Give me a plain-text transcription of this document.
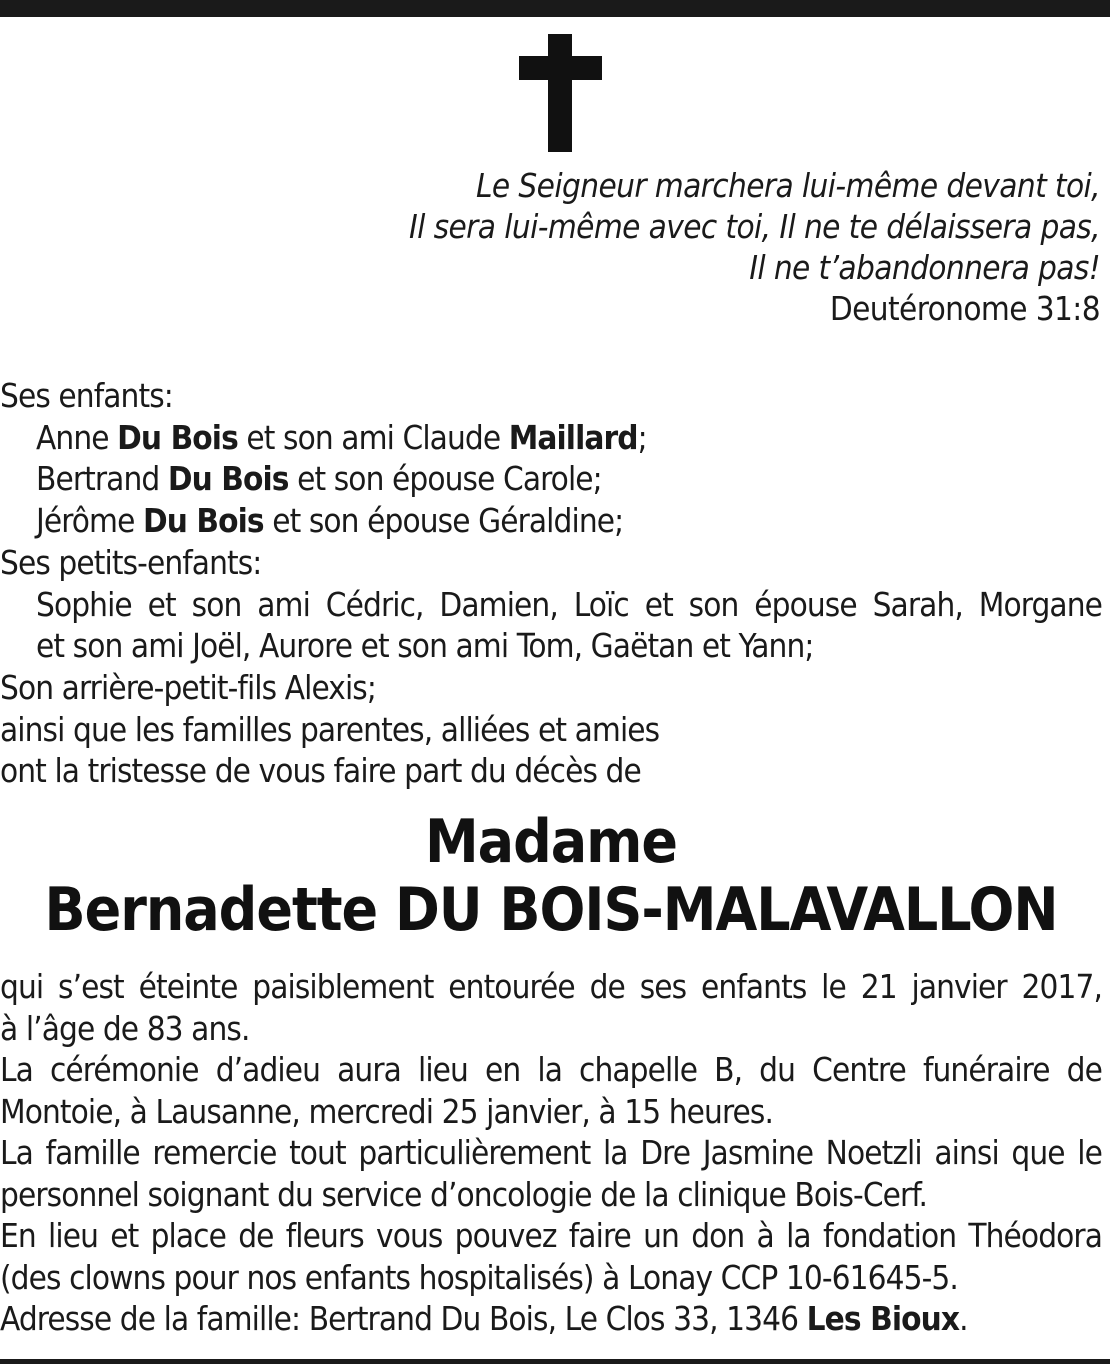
Le Seigneur marchera lui-même devant toi,
Il sera lui-même avec toi, Il ne te délaissera pas,
Il ne t’abandonnera pas!
Deutéronome 31:8
Ses enfants:
Anne Du Bois et son ami Claude Maillard;
Bertrand Du Bois et son épouse Carole;
Jérôme Du Bois et son épouse Géraldine;
Ses petits-enfants:
Sophie et son ami Cédric, Damien, Loïc et son épouse Sarah, Morgane
et son ami Joël, Aurore et son ami Tom, Gaëtan et Yann;
Son arrière-petit-fils Alexis;
ainsi que les familles parentes, alliées et amies
ont la tristesse de vous faire part du décès de
Madame
Bernadette DU BOIS-MALAVALLON
qui s’est éteinte paisiblement entourée de ses enfants le 21 janvier 2017,
à l’âge de 83 ans.
La cérémonie d’adieu aura lieu en la chapelle B, du Centre funéraire de
Montoie, à Lausanne, mercredi 25 janvier, à 15 heures.
La famille remercie tout particulièrement la Dre Jasmine Noetzli ainsi que le
personnel soignant du service d’oncologie de la clinique Bois-Cerf.
En lieu et place de fleurs vous pouvez faire un don à la fondation Théodora
(des clowns pour nos enfants hospitalisés) à Lonay CCP 10-61645-5.
Adresse de la famille: Bertrand Du Bois, Le Clos 33, 1346 Les Bioux.
